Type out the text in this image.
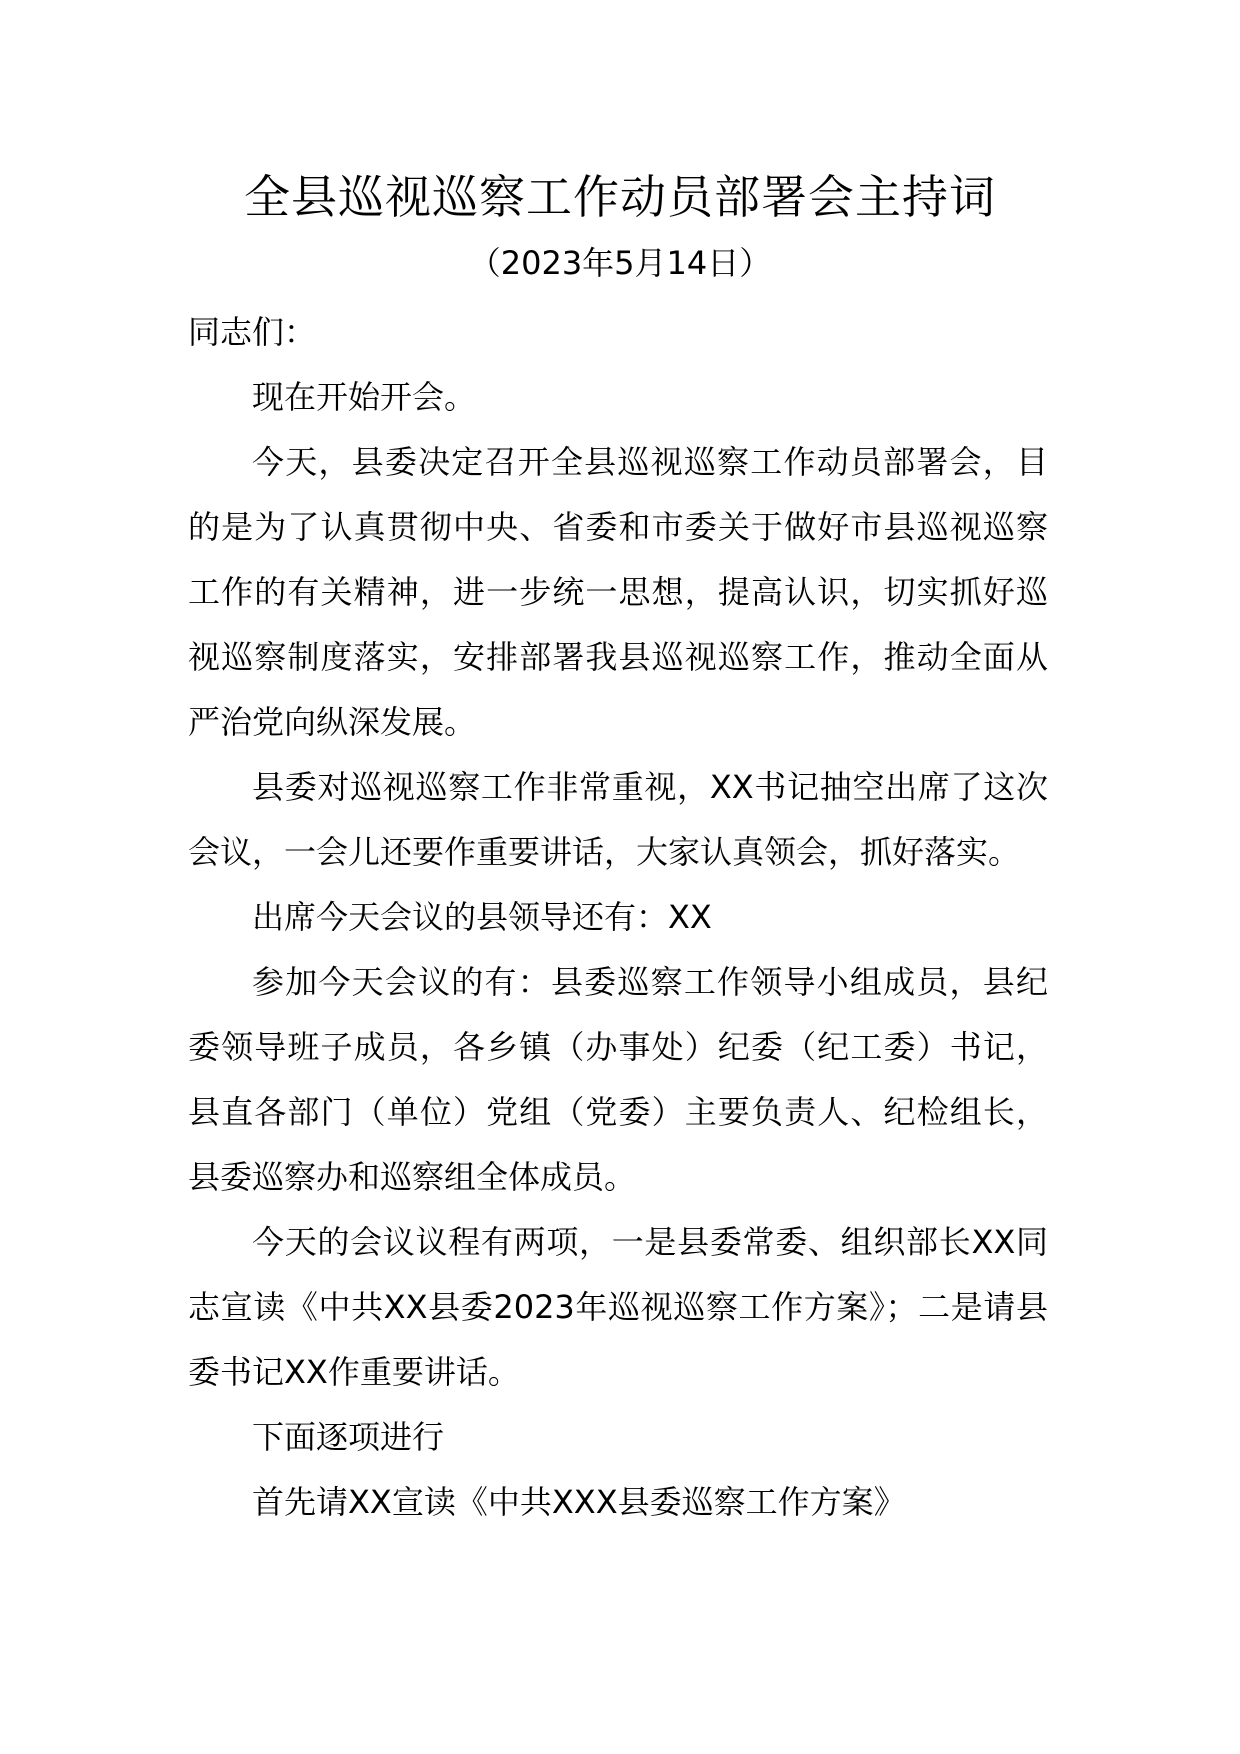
全县巡视巡察工作动员部署会主持词
（2023年5月14日）

同志们：

现在开始开会。

今天，县委决定召开全县巡视巡察工作动员部署会，目的是为了认真贯彻中央、省委和市委关于做好市县巡视巡察工作的有关精神，进一步统一思想，提高认识，切实抓好巡视巡察制度落实，安排部署我县巡视巡察工作，推动全面从严治党向纵深发展。

县委对巡视巡察工作非常重视，XX书记抽空出席了这次会议，一会儿还要作重要讲话，大家认真领会，抓好落实。

出席今天会议的县领导还有：XX

参加今天会议的有：县委巡察工作领导小组成员，县纪委领导班子成员，各乡镇（办事处）纪委（纪工委）书记，县直各部门（单位）党组（党委）主要负责人、纪检组长，县委巡察办和巡察组全体成员。

今天的会议议程有两项，一是县委常委、组织部长XX同志宣读《中共XX县委2023年巡视巡察工作方案》；二是请县委书记XX作重要讲话。

下面逐项进行

首先请XX宣读《中共XXX县委巡察工作方案》
